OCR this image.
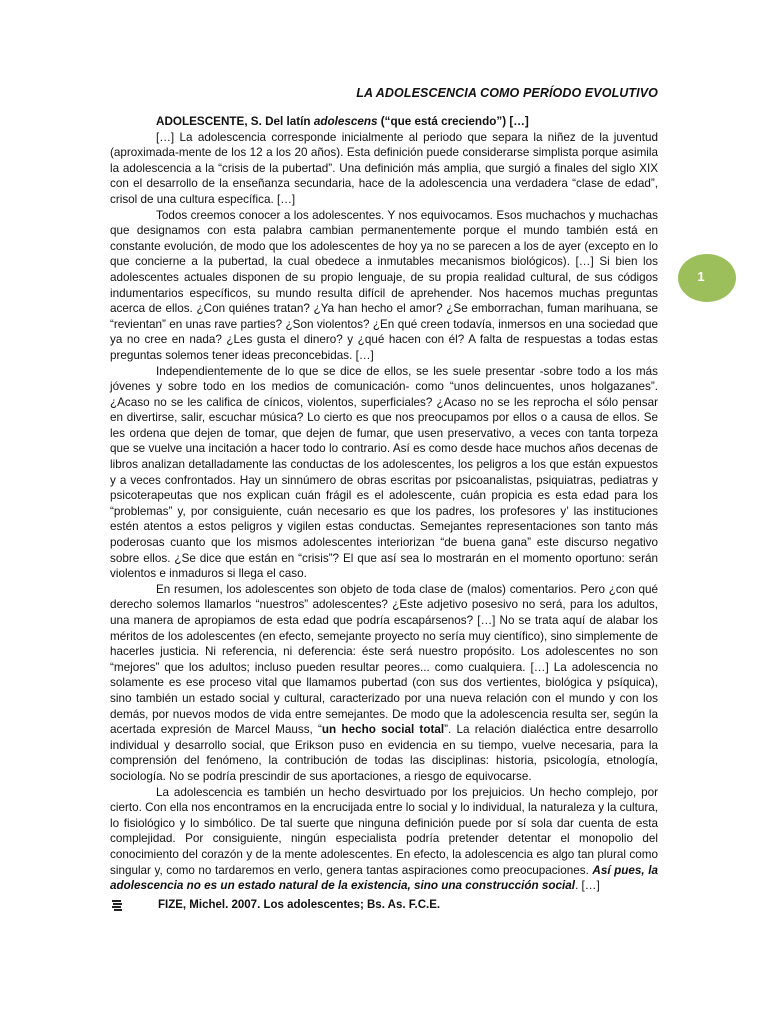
LA ADOLESCENCIA COMO PERÍODO EVOLUTIVO
1
ADOLESCENTE, S. Del latín adolescens (“que está creciendo”) […]

[…] La adolescencia corresponde inicialmente al periodo que separa la niñez de la juventud (aproximada-mente de los 12 a los 20 años). Esta definición puede considerarse simplista porque asimila la adolescencia a la “crisis de la pubertad”. Una definición más amplia, que surgió a finales del siglo XIX con el desarrollo de la enseñanza secundaria, hace de la adolescencia una verdadera “clase de edad”, crisol de una cultura específica. […]

Todos creemos conocer a los adolescentes. Y nos equivocamos. Esos muchachos y muchachas que designamos con esta palabra cambian permanentemente porque el mundo también está en constante evolución, de modo que los adolescentes de hoy ya no se parecen a los de ayer (excepto en lo que concierne a la pubertad, la cual obedece a inmutables mecanismos biológicos). […] Si bien los adolescentes actuales disponen de su propio lenguaje, de su propia realidad cultural, de sus códigos indumentarios específicos, su mundo resulta difícil de aprehender. Nos hacemos muchas preguntas acerca de ellos. ¿Con quiénes tratan? ¿Ya han hecho el amor? ¿Se emborrachan, fuman marihuana, se “revientan” en unas rave parties? ¿Son violentos? ¿En qué creen todavía, inmersos en una sociedad que ya no cree en nada? ¿Les gusta el dinero? y ¿qué hacen con él? A falta de respuestas a todas estas preguntas solemos tener ideas preconcebidas. […]

Independientemente de lo que se dice de ellos, se les suele presentar -sobre todo a los más jóvenes y sobre todo en los medios de comunicación- como “unos delincuentes, unos holgazanes”. ¿Acaso no se les califica de cínicos, violentos, superficiales? ¿Acaso no se les reprocha el sólo pensar en divertirse, salir, escuchar música? Lo cierto es que nos preocupamos por ellos o a causa de ellos. Se les ordena que dejen de tomar, que dejen de fumar, que usen preservativo, a veces con tanta torpeza que se vuelve una incitación a hacer todo lo contrario. Así es como desde hace muchos años decenas de libros analizan detalladamente las conductas de los adolescentes, los peligros a los que están expuestos y a veces confrontados. Hay un sinnúmero de obras escritas por psicoanalistas, psiquiatras, pediatras y psicoterapeutas que nos explican cuán frágil es el adolescente, cuán propicia es esta edad para los “problemas” y, por consiguiente, cuán necesario es que los padres, los profesores y’ las instituciones estén atentos a estos peligros y vigilen estas conductas. Semejantes representaciones son tanto más poderosas cuanto que los mismos adolescentes interiorizan “de buena gana” este discurso negativo sobre ellos. ¿Se dice que están en “crisis”? El que así sea lo mostrarán en el momento oportuno: serán violentos e inmaduros si llega el caso.

En resumen, los adolescentes son objeto de toda clase de (malos) comentarios. Pero ¿con qué derecho solemos llamarlos “nuestros” adolescentes? ¿Este adjetivo posesivo no será, para los adultos, una manera de apropiamos de esta edad que podría escapársenos? […] No se trata aquí de alabar los méritos de los adolescentes (en efecto, semejante proyecto no sería muy científico), sino simplemente de hacerles justicia. Ni referencia, ni deferencia: éste será nuestro propósito. Los adolescentes no son “mejores” que los adultos; incluso pueden resultar peores... como cualquiera. […] La adolescencia no solamente es ese proceso vital que llamamos pubertad (con sus dos vertientes, biológica y psíquica), sino también un estado social y cultural, caracterizado por una nueva relación con el mundo y con los demás, por nuevos modos de vida entre semejantes. De modo que la adolescencia resulta ser, según la acertada expresión de Marcel Mauss, “un hecho social total”. La relación dialéctica entre desarrollo individual y desarrollo social, que Erikson puso en evidencia en su tiempo, vuelve necesaria, para la comprensión del fenómeno, la contribución de todas las disciplinas: historia, psicología, etnología, sociología. No se podría prescindir de sus aportaciones, a riesgo de equivocarse.

La adolescencia es también un hecho desvirtuado por los prejuicios. Un hecho complejo, por cierto. Con ella nos encontramos en la encrucijada entre lo social y lo individual, la naturaleza y la cultura, lo fisiológico y lo simbólico. De tal suerte que ninguna definición puede por sí sola dar cuenta de esta complejidad. Por consiguiente, ningún especialista podría pretender detentar el monopolio del conocimiento del corazón y de la mente adolescentes. En efecto, la adolescencia es algo tan plural como singular y, como no tardaremos en verlo, genera tantas aspiraciones como preocupaciones. Así pues, la adolescencia no es un estado natural de la existencia, sino una construcción social. […]

FIZE, Michel. 2007. Los adolescentes; Bs. As. F.C.E.
